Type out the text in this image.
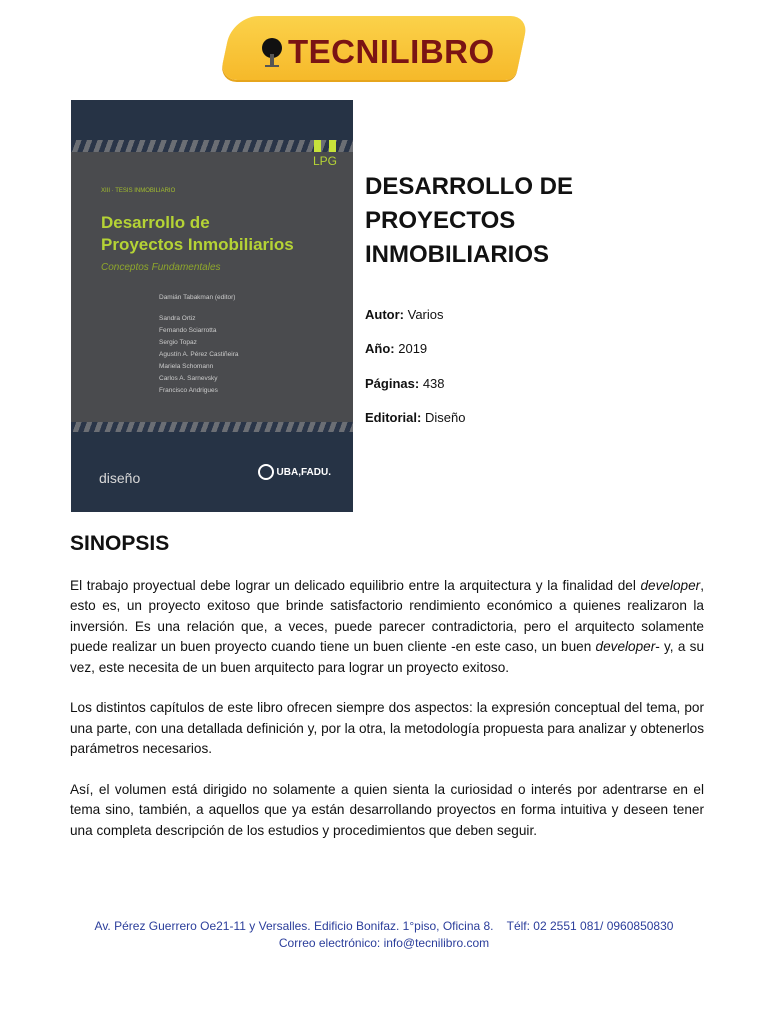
TECNILIBRO
LPG
XIII · TESIS INMOBILIARIO
Desarrollo de
Proyectos Inmobiliarios
Conceptos Fundamentales
Damián Tabakman (editor)
Sandra Ortiz
Fernando Sciarrotta
Sergio Topaz
Agustín A. Pérez Castiñeira
Mariela Schomann
Carlos A. Sarnevsky
Francisco Andrigues
diseño	UBA,FADU.
DESARROLLO DE PROYECTOS INMOBILIARIOS
Autor: Varios
Año: 2019
Páginas: 438
Editorial: Diseño
SINOPSIS

El trabajo proyectual debe lograr un delicado equilibrio entre la arquitectura y la finalidad del developer, esto es, un proyecto exitoso que brinde satisfactorio rendimiento económico a quienes realizaron la inversión. Es una relación que, a veces, puede parecer contradictoria, pero el arquitecto solamente puede realizar un buen proyecto cuando tiene un buen cliente -en este caso, un buen developer- y, a su vez, este necesita de un buen arquitecto para lograr un proyecto exitoso.

Los distintos capítulos de este libro ofrecen siempre dos aspectos: la expresión conceptual del tema, por una parte, con una detallada definición y, por la otra, la metodología propuesta para analizar y obtenerlos parámetros necesarios.

Así, el volumen está dirigido no solamente a quien sienta la curiosidad o interés por adentrarse en el tema sino, también, a aquellos que ya están desarrollando proyectos en forma intuitiva y deseen tener una completa descripción de los estudios y procedimientos que deben seguir.

Av. Pérez Guerrero Oe21-11 y Versalles. Edificio Bonifaz. 1°piso, Oficina 8.    Télf: 02 2551 081/ 0960850830
Correo electrónico: info@tecnilibro.com
